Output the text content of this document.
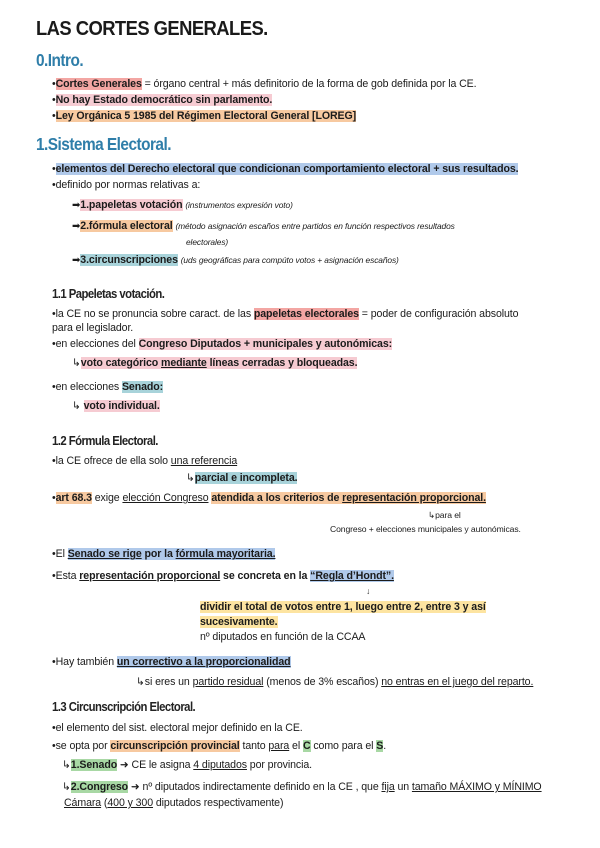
LAS CORTES GENERALES.
0.Intro.
•Cortes Generales = órgano central + más definitorio de la forma de gob definida por la CE.
•No hay Estado democrático sin parlamento.
•Ley Orgánica 5 1985 del Régimen Electoral General [LOREG]
1.Sistema Electoral.
•elementos del Derecho electoral que condicionan comportamiento electoral + sus resultados.
•definido por normas relativas a:
➡1.papeletas votación (instrumentos expresión voto)
➡2.fórmula electoral (método asignación escaños entre partidos en función respectivos resultados
electorales)
➡3.circunscripciones (uds geográficas para compúto votos + asignación escaños)
1.1 Papeletas votación.
•la CE no se pronuncia sobre caract. de las papeletas electorales = poder de configuración absoluto
para el legislador.
•en elecciones del Congreso Diputados + municipales y autonómicas:
↳voto categórico mediante líneas cerradas y bloqueadas.
•en elecciones Senado:
↳ voto individual.
1.2 Fórmula Electoral.
•la CE ofrece de ella solo una referencia
↳parcial e incompleta.
•art 68.3 exige elección Congreso atendida a los criterios de representación proporcional.
↳para el
Congreso + elecciones municipales y autonómicas.
•El Senado se rige por la fórmula mayoritaria.
•Esta representación proporcional se concreta en la “Regla d’Hondt”.
↓
dividir el total de votos entre 1, luego entre 2, entre 3 y así
sucesivamente.
nº diputados en función de la CCAA
•Hay también un correctivo a la proporcionalidad
↳si eres un partido residual (menos de 3% escaños) no entras en el juego del reparto.
1.3 Circunscripción Electoral.
•el elemento del sist. electoral mejor definido en la CE.
•se opta por circunscripción provincial tanto para el C como para el S.
↳1.Senado ➜ CE le asigna 4 diputados por provincia.
↳2.Congreso ➜ nº diputados indirectamente definido en la CE , que fija un tamaño MÁXIMO y MÍNIMO
Cámara (400 y 300 diputados respectivamente)
